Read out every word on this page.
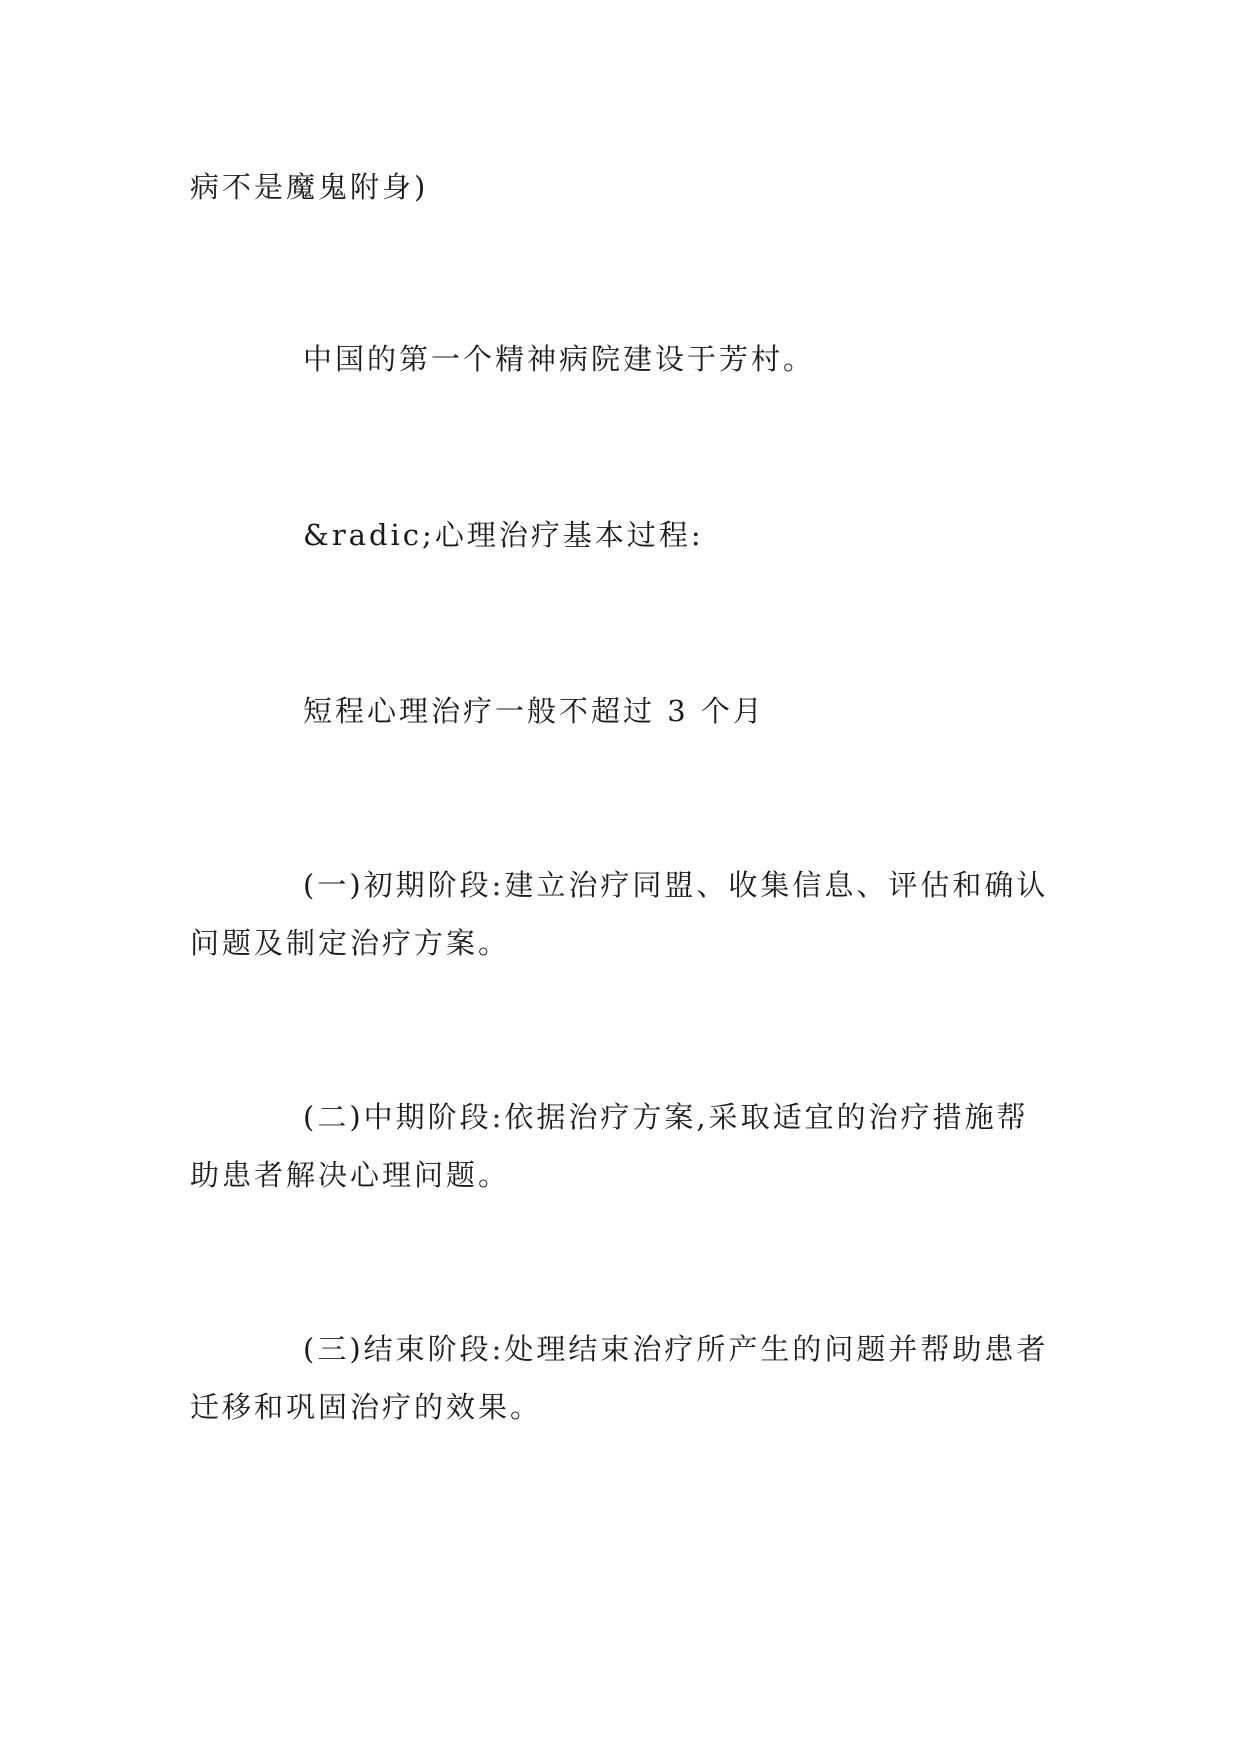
病不是魔鬼附身)

中国的第一个精神病院建设于芳村。

&radic;心理治疗基本过程:

短程心理治疗一般不超过 3 个月

(一)初期阶段:建立治疗同盟、收集信息、评估和确认问题及制定治疗方案。

(二)中期阶段:依据治疗方案,采取适宜的治疗措施帮助患者解决心理问题。

(三)结束阶段:处理结束治疗所产生的问题并帮助患者迁移和巩固治疗的效果。
